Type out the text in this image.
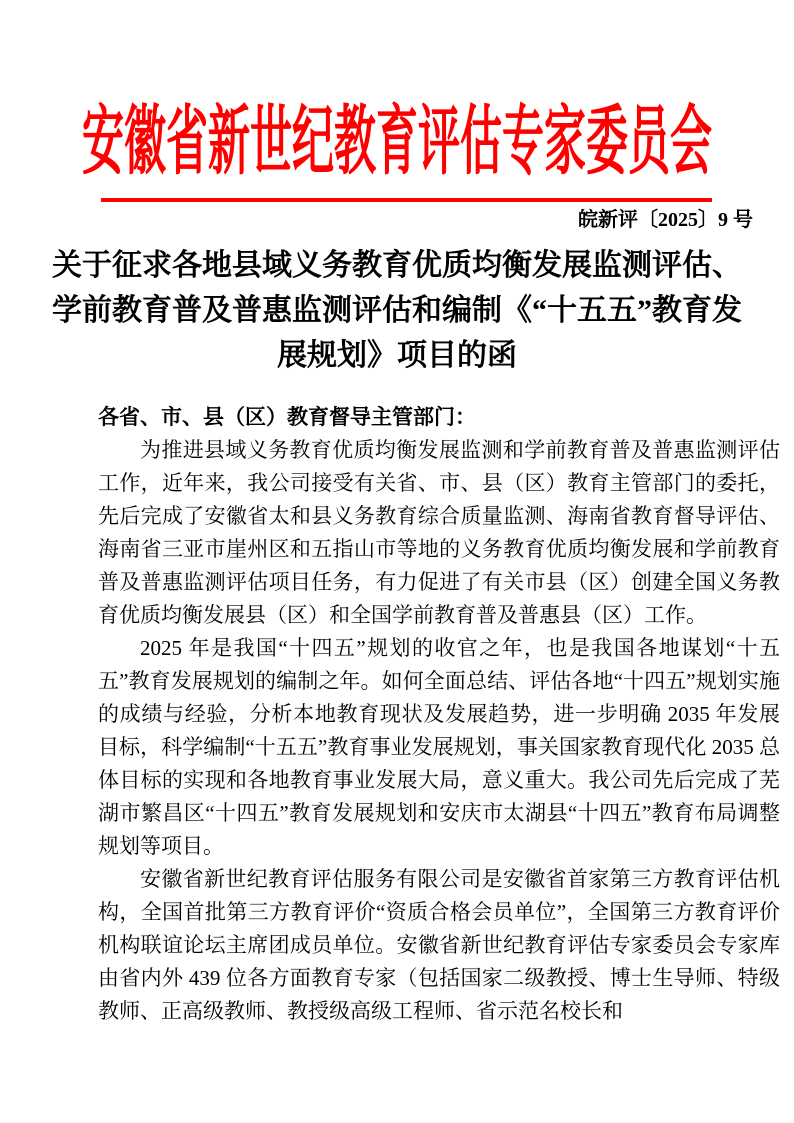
安徽省新世纪教育评估专家委员会
皖新评〔2025〕9 号
关于征求各地县域义务教育优质均衡发展监测评估、
学前教育普及普惠监测评估和编制《“十五五”教育发
展规划》项目的函
各省、市、县（区）教育督导主管部门：

为推进县域义务教育优质均衡发展监测和学前教育普及普惠监测评估工作，近年来，我公司接受有关省、市、县（区）教育主管部门的委托，先后完成了安徽省太和县义务教育综合质量监测、海南省教育督导评估、海南省三亚市崖州区和五指山市等地的义务教育优质均衡发展和学前教育普及普惠监测评估项目任务，有力促进了有关市县（区）创建全国义务教育优质均衡发展县（区）和全国学前教育普及普惠县（区）工作。

2025 年是我国“十四五”规划的收官之年，也是我国各地谋划“十五五”教育发展规划的编制之年。如何全面总结、评估各地“十四五”规划实施的成绩与经验，分析本地教育现状及发展趋势，进一步明确 2035 年发展目标，科学编制“十五五”教育事业发展规划，事关国家教育现代化 2035 总体目标的实现和各地教育事业发展大局，意义重大。我公司先后完成了芜湖市繁昌区“十四五”教育发展规划和安庆市太湖县“十四五”教育布局调整规划等项目。

安徽省新世纪教育评估服务有限公司是安徽省首家第三方教育评估机构，全国首批第三方教育评价“资质合格会员单位”，全国第三方教育评价机构联谊论坛主席团成员单位。安徽省新世纪教育评估专家委员会专家库由省内外 439 位各方面教育专家（包括国家二级教授、博士生导师、特级教师、正高级教师、教授级高级工程师、省示范名校长和
